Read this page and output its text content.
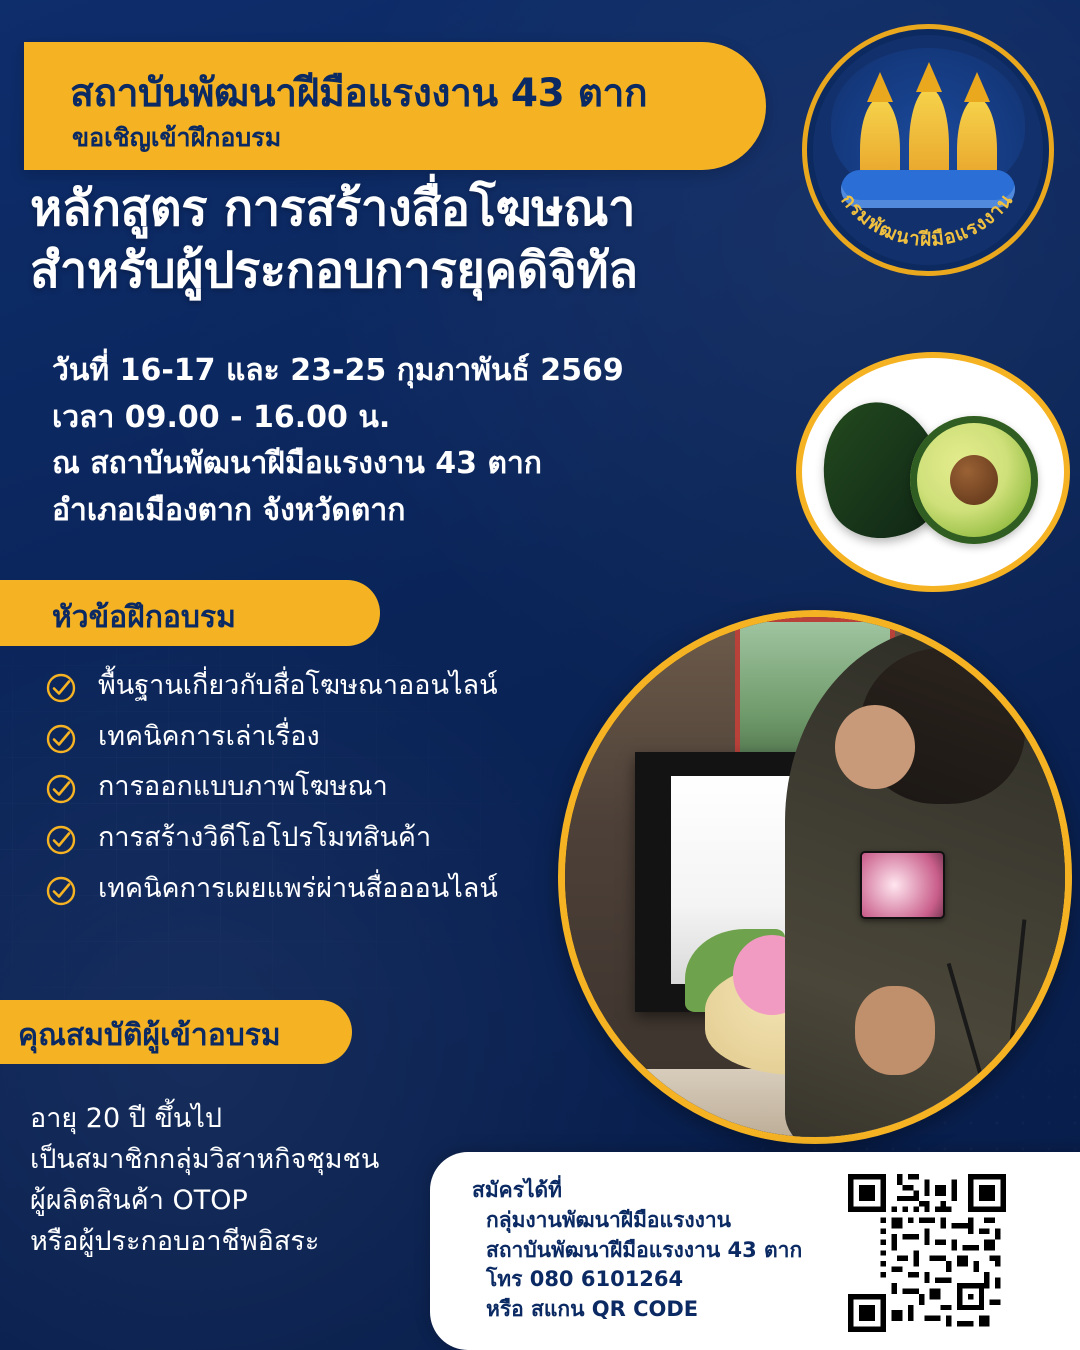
สถาบันพัฒนาฝีมือแรงงาน 43 ตาก
ขอเชิญเข้าฝึกอบรม
กรมพัฒนาฝีมือแรงงาน
หลักสูตร การสร้างสื่อโฆษณา
สำหรับผู้ประกอบการยุคดิจิทัล
วันที่ 16-17 และ 23-25 กุมภาพันธ์ 2569
เวลา 09.00 - 16.00 น.
ณ สถาบันพัฒนาฝีมือแรงงาน 43 ตาก
อำเภอเมืองตาก จังหวัดตาก
หัวข้อฝึกอบรม
พื้นฐานเกี่ยวกับสื่อโฆษณาออนไลน์
เทคนิคการเล่าเรื่อง
การออกแบบภาพโฆษณา
การสร้างวิดีโอโปรโมทสินค้า
เทคนิคการเผยแพร่ผ่านสื่อออนไลน์
คุณสมบัติผู้เข้าอบรม
อายุ 20 ปี ขึ้นไป
เป็นสมาชิกกลุ่มวิสาหกิจชุมชน
ผู้ผลิตสินค้า OTOP
หรือผู้ประกอบอาชีพอิสระ
สมัครได้ที่
กลุ่มงานพัฒนาฝีมือแรงงาน
สถาบันพัฒนาฝีมือแรงงาน 43 ตาก
โทร 080 6101264
หรือ สแกน QR CODE
